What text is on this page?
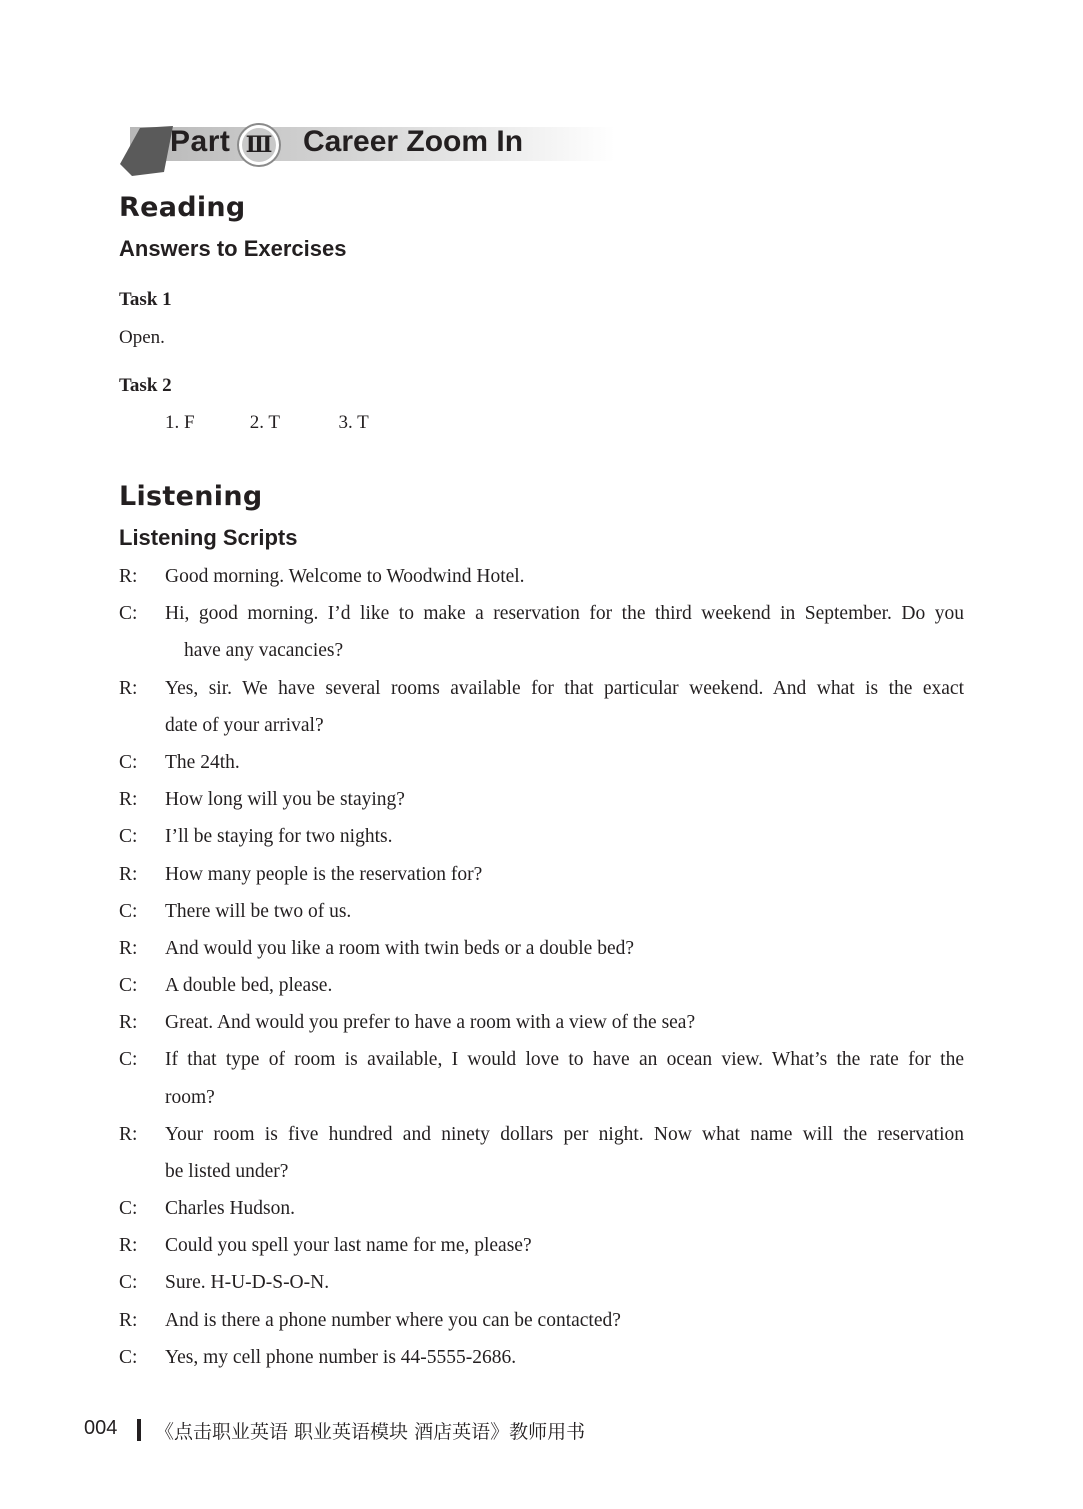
Part Ⅲ Career Zoom In
Reading
Answers to Exercises
Task 1
Open.
Task 2
1. F	2. T	3. T
Listening
Listening Scripts
R: Good morning. Welcome to Woodwind Hotel.
C: Hi, good morning. I’d like to make a reservation for the third weekend in September. Do you
have any vacancies?
R: Yes, sir. We have several rooms available for that particular weekend. And what is the exact
date of your arrival?
C: The 24th.
R: How long will you be staying?
C: I’ll be staying for two nights.
R: How many people is the reservation for?
C: There will be two of us.
R: And would you like a room with twin beds or a double bed?
C: A double bed, please.
R: Great. And would you prefer to have a room with a view of the sea?
C: If that type of room is available, I would love to have an ocean view. What’s the rate for the
room?
R: Your room is five hundred and ninety dollars per night. Now what name will the reservation
be listed under?
C: Charles Hudson.
R: Could you spell your last name for me, please?
C: Sure. H-U-D-S-O-N.
R: And is there a phone number where you can be contacted?
C: Yes, my cell phone number is 44-5555-2686.
004 《点击职业英语 职业英语模块 酒店英语》教师用书
